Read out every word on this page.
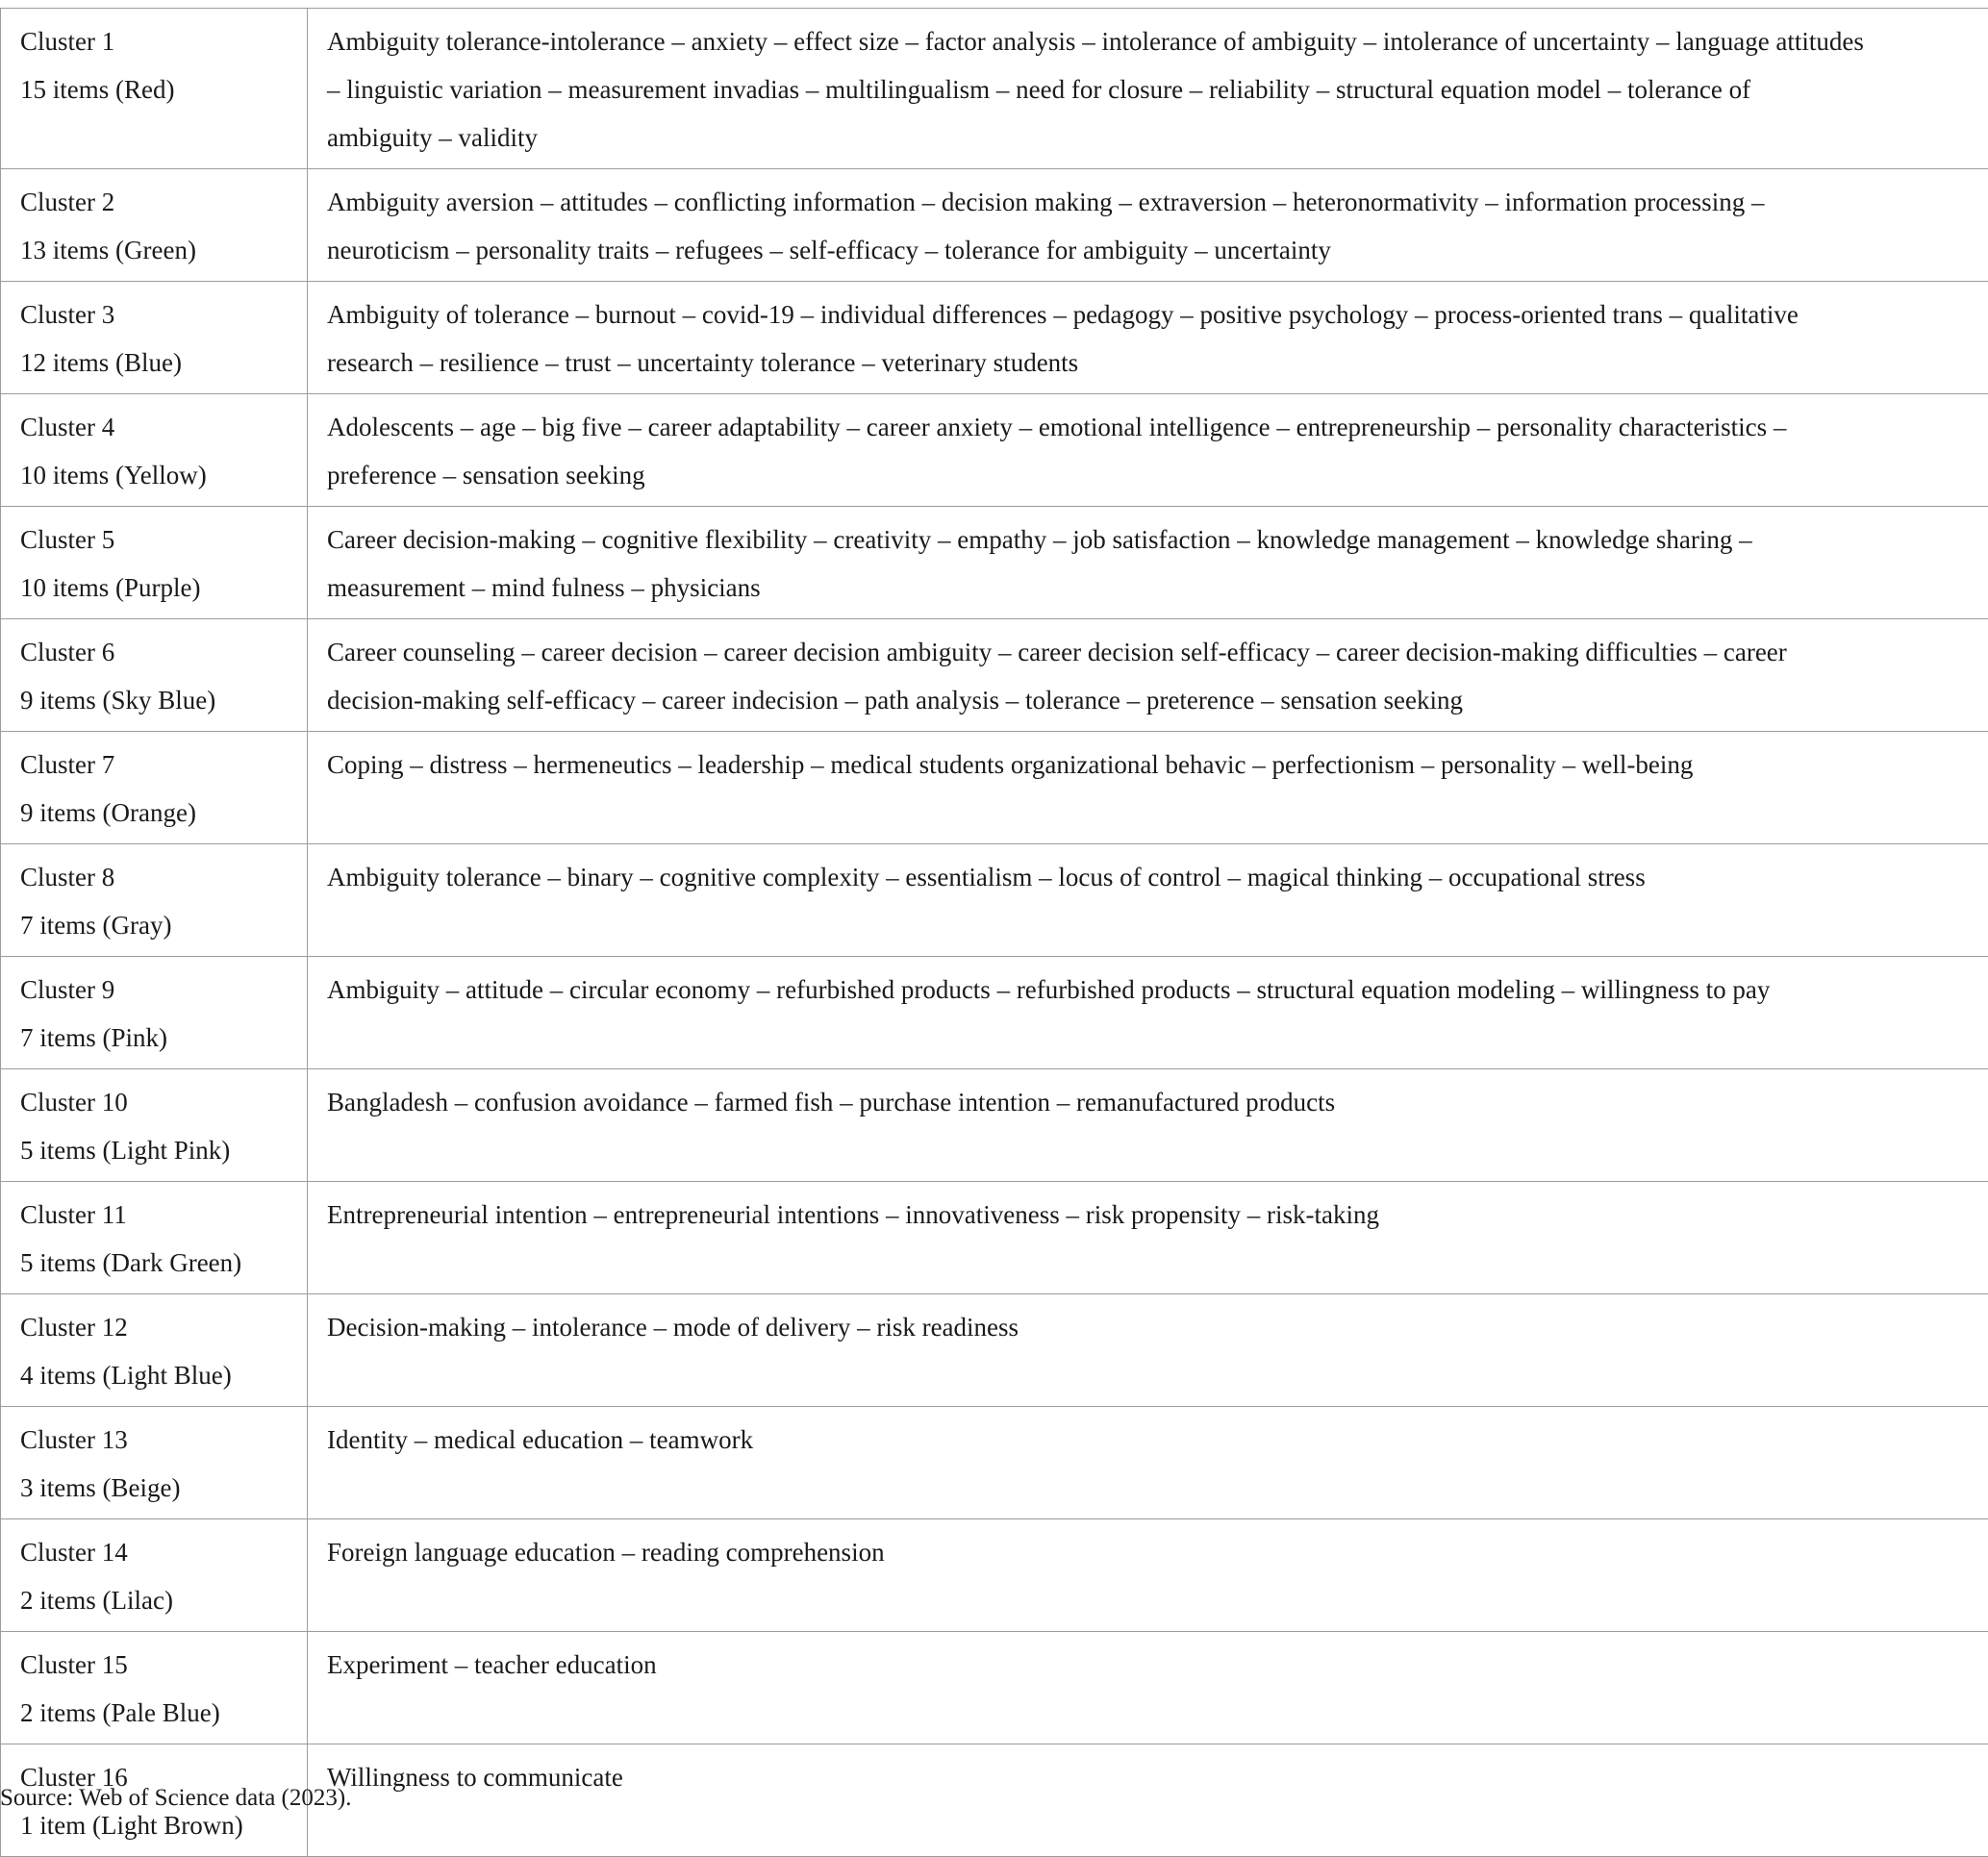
Cluster 1
15 items (Red)	Ambiguity tolerance-intolerance – anxiety – effect size – factor analysis – intolerance of ambiguity – intolerance of uncertainty – language attitudes
– linguistic variation – measurement invadias – multilingualism – need for closure – reliability – structural equation model – tolerance of
ambiguity – validity

Cluster 2
13 items (Green)	Ambiguity aversion – attitudes – conflicting information – decision making – extraversion – heteronormativity – information processing –
neuroticism – personality traits – refugees – self-efficacy – tolerance for ambiguity – uncertainty

Cluster 3
12 items (Blue)	Ambiguity of tolerance – burnout – covid-19 – individual differences – pedagogy – positive psychology – process-oriented trans – qualitative
research – resilience – trust – uncertainty tolerance – veterinary students

Cluster 4
10 items (Yellow)	Adolescents – age – big five – career adaptability – career anxiety – emotional intelligence – entrepreneurship – personality characteristics –
preference – sensation seeking

Cluster 5
10 items (Purple)	Career decision-making – cognitive flexibility – creativity – empathy – job satisfaction – knowledge management – knowledge sharing –
measurement – mind fulness – physicians

Cluster 6
9 items (Sky Blue)	Career counseling – career decision – career decision ambiguity – career decision self-efficacy – career decision-making difficulties – career
decision-making self-efficacy – career indecision – path analysis – tolerance – preterence – sensation seeking

Cluster 7
9 items (Orange)	Coping – distress – hermeneutics – leadership – medical students organizational behavic – perfectionism – personality – well-being

Cluster 8
7 items (Gray)	Ambiguity tolerance – binary – cognitive complexity – essentialism – locus of control – magical thinking – occupational stress

Cluster 9
7 items (Pink)	Ambiguity – attitude – circular economy – refurbished products – refurbished products – structural equation modeling – willingness to pay

Cluster 10
5 items (Light Pink)	Bangladesh – confusion avoidance – farmed fish – purchase intention – remanufactured products

Cluster 11
5 items (Dark Green)	Entrepreneurial intention – entrepreneurial intentions – innovativeness – risk propensity – risk-taking

Cluster 12
4 items (Light Blue)	Decision-making – intolerance – mode of delivery – risk readiness

Cluster 13
3 items (Beige)	Identity – medical education – teamwork

Cluster 14
2 items (Lilac)	Foreign language education – reading comprehension

Cluster 15
2 items (Pale Blue)	Experiment – teacher education

Cluster 16
1 item (Light Brown)	Willingness to communicate
Source: Web of Science data (2023).
